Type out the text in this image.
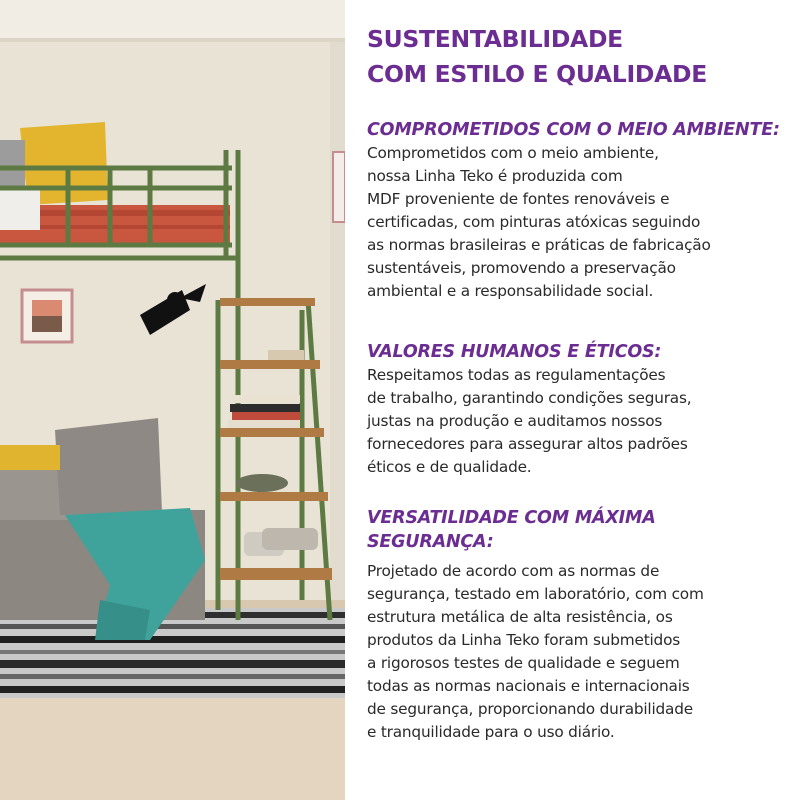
SUSTENTABILIDADE
COM ESTILO E QUALIDADE
COMPROMETIDOS COM O MEIO AMBIENTE:

Comprometidos com o meio ambiente,
nossa Linha Teko é produzida com
MDF proveniente de fontes renováveis e
certificadas, com pinturas atóxicas seguindo
as normas brasileiras e práticas de fabricação
sustentáveis, promovendo a preservação
ambiental e a responsabilidade social.

VALORES HUMANOS E ÉTICOS:

Respeitamos todas as regulamentações
de trabalho, garantindo condições seguras,
justas na produção e auditamos nossos
fornecedores para assegurar altos padrões
éticos e de qualidade.

VERSATILIDADE COM MÁXIMA
SEGURANÇA:

Projetado de acordo com as normas de
segurança, testado em laboratório, com com
estrutura metálica de alta resistência, os
produtos da Linha Teko foram submetidos
a rigorosos testes de qualidade e seguem
todas as normas nacionais e internacionais
de segurança, proporcionando durabilidade
e tranquilidade para o uso diário.
